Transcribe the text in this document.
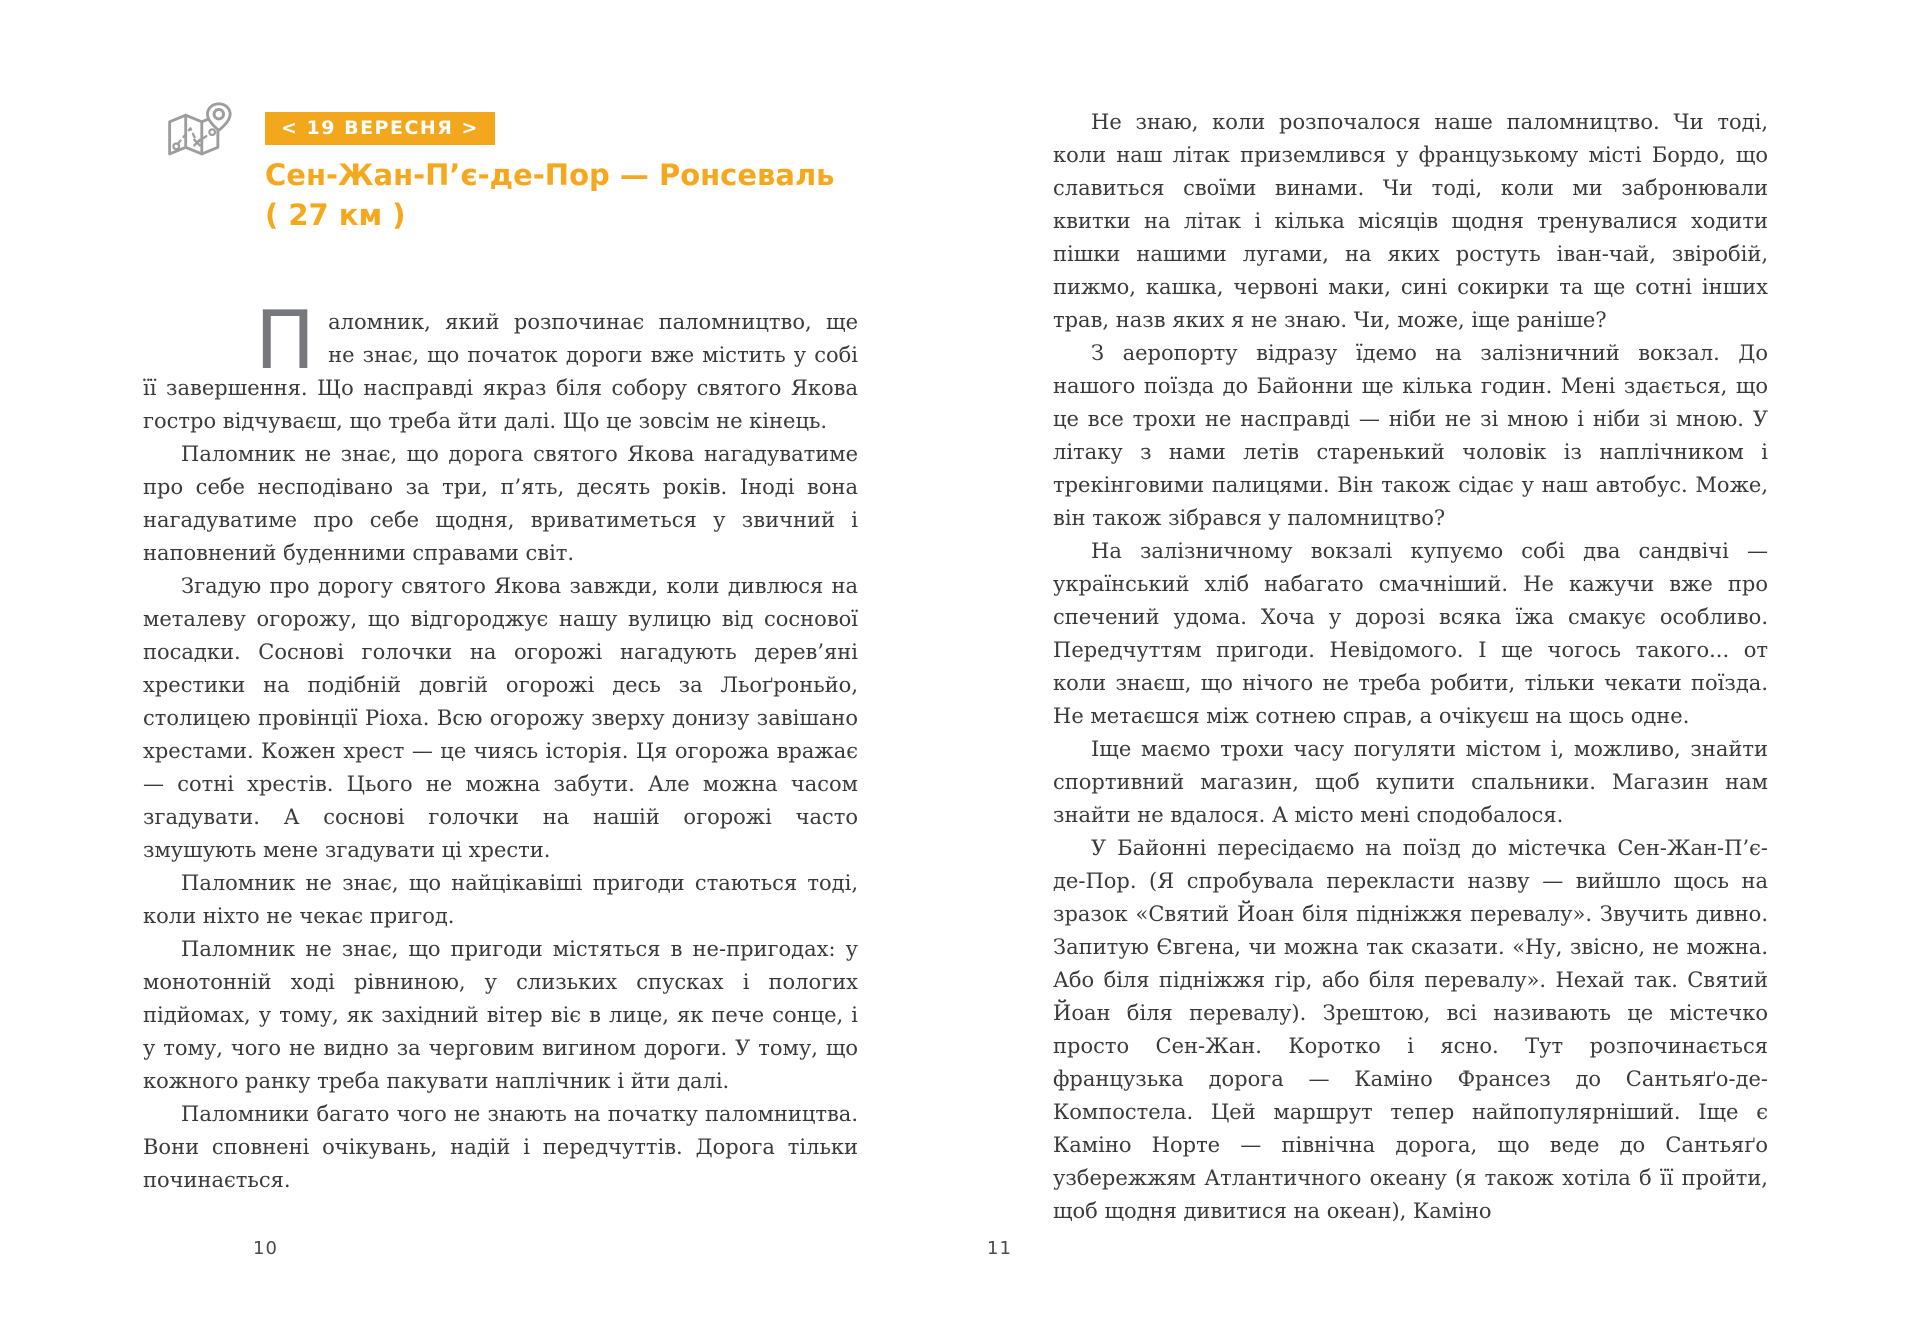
< 19 ВЕРЕСНЯ >
Сен-Жан-П’є-де-Пор — Ронсеваль
( 27 км )

Паломник, який розпочинає паломництво, ще не знає, що початок дороги вже містить у собі її завершення. Що насправді якраз біля собору святого Якова гостро відчуваєш, що треба йти далі. Що це зовсім не кінець.

Паломник не знає, що дорога святого Якова нагадуватиме про себе несподівано за три, п’ять, десять років. Іноді вона нагадуватиме про себе щодня, вриватиметься у звичний і наповнений буденними справами світ.

Згадую про дорогу святого Якова завжди, коли дивлюся на металеву огорожу, що відгороджує нашу вулицю від соснової посадки. Соснові голочки на огорожі нагадують дерев’яні хрестики на подібній довгій огорожі десь за Льоґроньйо, столицею провінції Ріоха. Всю огорожу зверху донизу завішано хрестами. Кожен хрест — це чиясь історія. Ця огорожа вражає — сотні хрестів. Цього не можна забути. Але можна часом згадувати. А соснові голочки на нашій огорожі часто змушують мене згадувати ці хрести.

Паломник не знає, що найцікавіші пригоди стаються тоді, коли ніхто не чекає пригод.

Паломник не знає, що пригоди містяться в не-пригодах: у монотонній ході рівниною, у слизьких спусках і пологих підйомах, у тому, як західний вітер віє в лице, як пече сонце, і у тому, чого не видно за черговим вигином дороги. У тому, що кожного ранку треба пакувати наплічник і йти далі.

Паломники багато чого не знають на початку паломництва. Вони сповнені очікувань, надій і передчуттів. Дорога тільки починається.

10

Не знаю, коли розпочалося наше паломництво. Чи тоді, коли наш літак приземлився у французькому місті Бордо, що славиться своїми винами. Чи тоді, коли ми забронювали квитки на літак і кілька місяців щодня тренувалися ходити пішки нашими лугами, на яких ростуть іван-чай, звіробій, пижмо, кашка, червоні маки, сині сокирки та ще сотні інших трав, назв яких я не знаю. Чи, може, іще раніше?

З аеропорту відразу їдемо на залізничний вокзал. До нашого поїзда до Байонни ще кілька годин. Мені здається, що це все трохи не насправді — ніби не зі мною і ніби зі мною. У літаку з нами летів старенький чоловік із наплічником і трекінговими палицями. Він також сідає у наш автобус. Може, він також зібрався у паломництво?

На залізничному вокзалі купуємо собі два сандвічі — український хліб набагато смачніший. Не кажучи вже про спечений удома. Хоча у дорозі всяка їжа смакує особливо. Передчуттям пригоди. Невідомого. І ще чогось такого... от коли знаєш, що нічого не треба робити, тільки чекати поїзда. Не метаєшся між сотнею справ, а очікуєш на щось одне.

Іще маємо трохи часу погуляти містом і, можливо, знайти спортивний магазин, щоб купити спальники. Магазин нам знайти не вдалося. А місто мені сподобалося.

У Байонні пересідаємо на поїзд до містечка Сен-Жан-П’є-де-Пор. (Я спробувала перекласти назву — вийшло щось на зразок «Святий Йоан біля підніжжя перевалу». Звучить дивно. Запитую Євгена, чи можна так сказати. «Ну, звісно, не можна. Або біля підніжжя гір, або біля перевалу». Нехай так. Святий Йоан біля перевалу). Зрештою, всі називають це містечко просто Сен-Жан. Коротко і ясно. Тут розпочинається французька дорога — Каміно Франсез до Сантьяґо-де-Компостела. Цей маршрут тепер найпопулярніший. Іще є Каміно Норте — північна дорога, що веде до Сантьяґо узбережжям Атлантичного океану (я також хотіла б її пройти, щоб щодня дивитися на океан), Каміно

11
